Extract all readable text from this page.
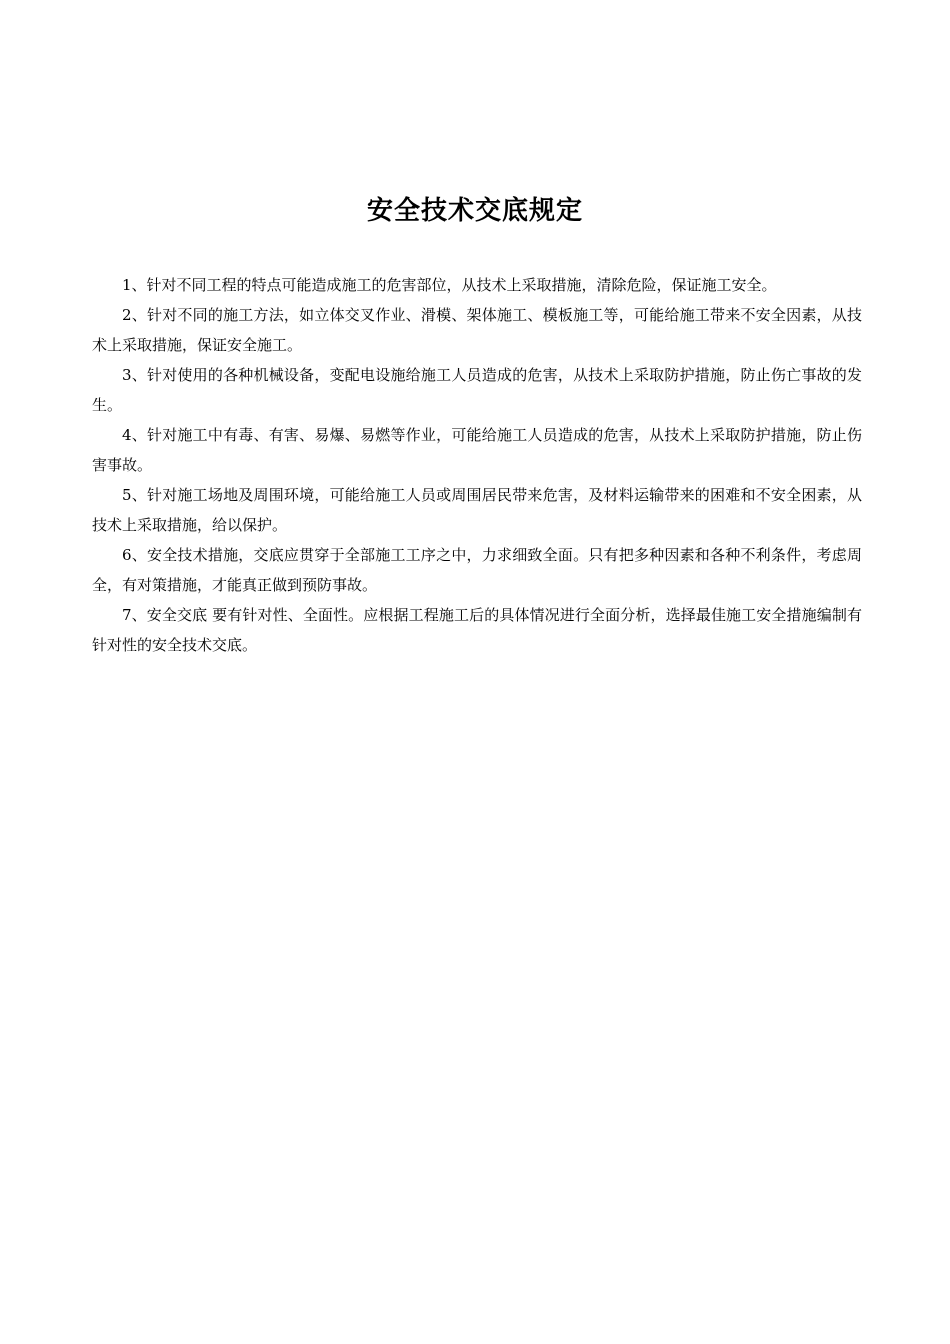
安全技术交底规定

1、针对不同工程的特点可能造成施工的危害部位，从技术上采取措施，清除危险，保证施工安全。

2、针对不同的施工方法，如立体交叉作业、滑模、架体施工、模板施工等，可能给施工带来不安全因素，从技术上采取措施，保证安全施工。

3、针对使用的各种机械设备，变配电设施给施工人员造成的危害，从技术上采取防护措施，防止伤亡事故的发生。

4、针对施工中有毒、有害、易爆、易燃等作业，可能给施工人员造成的危害，从技术上采取防护措施，防止伤害事故。

5、针对施工场地及周围环境，可能给施工人员或周围居民带来危害，及材料运输带来的困难和不安全困素，从技术上采取措施，给以保护。

6、安全技术措施，交底应贯穿于全部施工工序之中，力求细致全面。只有把多种因素和各种不利条件，考虑周全，有对策措施，才能真正做到预防事故。

7、安全交底 要有针对性、全面性。应根据工程施工后的具体情况进行全面分析，选择最佳施工安全措施编制有针对性的安全技术交底。
